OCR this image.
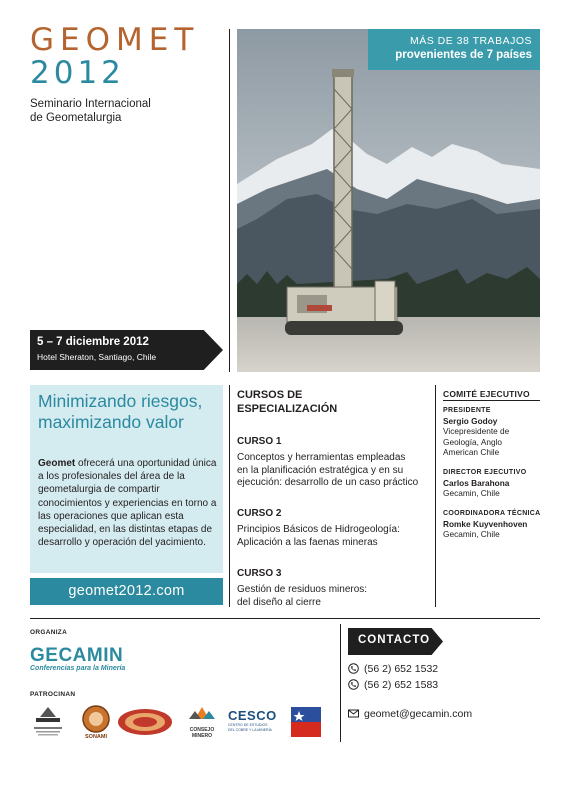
GEOMET
2012
Seminario Internacional
de Geometalurgia
MÁS DE 38 TRABAJOS
provenientes de 7 países
5 – 7 diciembre 2012
Hotel Sheraton, Santiago, Chile
Minimizando riesgos,
maximizando valor
Geomet ofrecerá una oportunidad única a los profesionales del área de la geometalurgia de compartir conocimientos y experiencias en torno a las operaciones que aplican esta especialidad, en las distintas etapas de desarrollo y operación del yacimiento.
geomet2012.com
CURSOS DE
ESPECIALIZACIÓN
CURSO 1
Conceptos y herramientas empleadas
en la planificación estratégica y en su
ejecución: desarrollo de un caso práctico
CURSO 2
Principios Básicos de Hidrogeología:
Aplicación a las faenas mineras
CURSO 3
Gestión de residuos mineros:
del diseño al cierre
COMITÉ EJECUTIVO
PRESIDENTE
Sergio Godoy
Vicepresidente de
Geología, Anglo
American Chile
DIRECTOR EJECUTIVO
Carlos Barahona
Gecamin, Chile
COORDINADORA TÉCNICA
Romke Kuyvenhoven
Gecamin, Chile
ORGANIZA
GECAMIN
Conferencias para la Minería
PATROCINAN
SONAMI
CONSEJO MINERO
CESCO
CENTRO DE ESTUDIOS DEL COBRE Y LA MINERÍA
CONTACTO
(56 2) 652 1532
(56 2) 652 1583
geomet@gecamin.com
